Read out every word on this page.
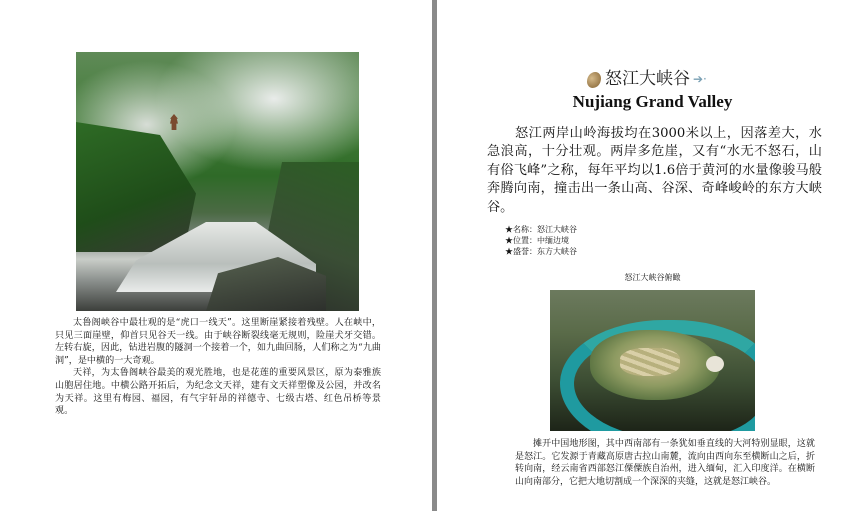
太鲁阁峡谷中最壮观的是“虎口一线天”。这里断崖紧接着残壁。人在峡中，只见三面崖壁，仰首只见谷天一线。由于峡谷断裂线毫无规则，险崖犬牙交错。左转右旋，因此，钻进岩腹的隧洞一个接着一个，如九曲回肠，人们称之为“九曲洞”，是中横的一大奇观。

天祥，为太鲁阁峡谷最美的观光胜地，也是花莲的重要风景区，原为泰雅族山胞居住地。中横公路开拓后，为纪念文天祥，建有文天祥塑像及公园，并改名为天祥。这里有梅园、福园，有气宇轩昂的祥德寺、七级古塔、红色吊桥等景观。

怒江大峡谷 ➔·
Nujiang Grand Valley

怒江两岸山岭海拔均在3000米以上，因落差大，水急浪高，十分壮观。两岸多危崖，又有“水无不怒石，山有俗飞峰”之称，每年平均以1.6倍于黄河的水量像骏马般奔腾向南，撞击出一条山高、谷深、奇峰峻岭的东方大峡谷。

★名称：怒江大峡谷
★位置：中缅边境
★盛誉：东方大峡谷
怒江大峡谷俯瞰

摊开中国地形图，其中西南部有一条犹如垂直线的大河特别显眼，这就是怒江。它发源于青藏高原唐古拉山南麓，流向由西向东至横断山之后，折转向南，经云南省西部怒江傈僳族自治州，进入缅甸，汇入印度洋。在横断山向南部分，它把大地切割成一个深深的夹缝，这就是怒江峡谷。
